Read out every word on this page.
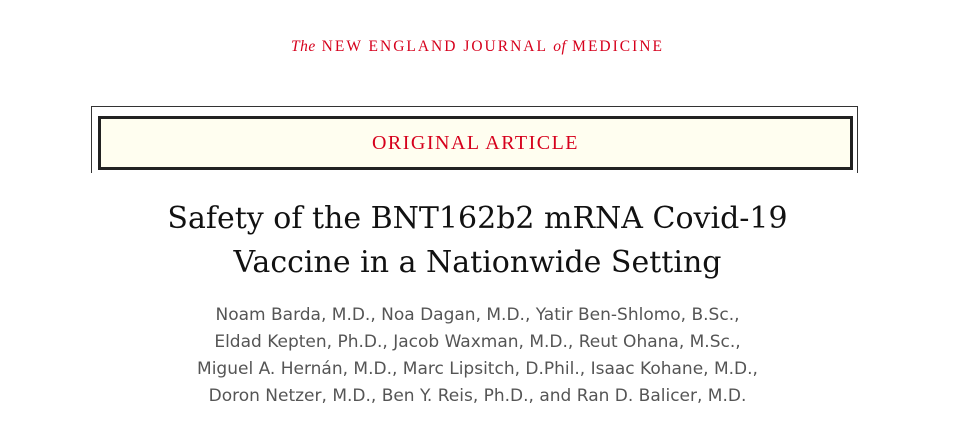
The NEW ENGLAND JOURNAL of MEDICINE
ORIGINAL ARTICLE
Safety of the BNT162b2 mRNA Covid-19
Vaccine in a Nationwide Setting
Noam Barda, M.D., Noa Dagan, M.D., Yatir Ben-Shlomo, B.Sc.,
Eldad Kepten, Ph.D., Jacob Waxman, M.D., Reut Ohana, M.Sc.,
Miguel A. Hernán, M.D., Marc Lipsitch, D.Phil., Isaac Kohane, M.D.,
Doron Netzer, M.D., Ben Y. Reis, Ph.D., and Ran D. Balicer, M.D.
